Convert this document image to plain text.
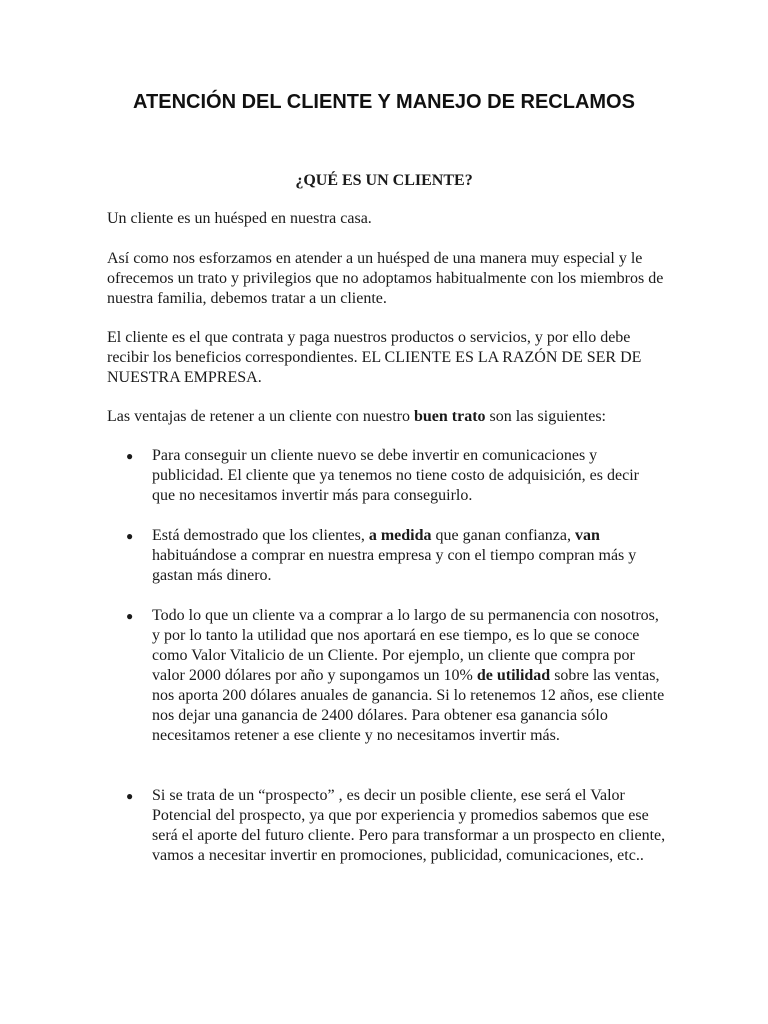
ATENCIÓN DEL CLIENTE Y MANEJO DE RECLAMOS
¿QUÉ ES UN CLIENTE?

Un cliente es un huésped en nuestra casa.

Así como nos esforzamos en atender a un huésped de una manera muy especial y le ofrecemos un trato y privilegios que no adoptamos habitualmente con los miembros de nuestra familia, debemos tratar a un cliente.

El cliente es el que contrata y paga nuestros productos o servicios, y por ello debe recibir los beneficios correspondientes. EL CLIENTE ES LA RAZÓN DE SER DE NUESTRA EMPRESA.

Las ventajas de retener a un cliente con nuestro buen trato son las siguientes:

● Para conseguir un cliente nuevo se debe invertir en comunicaciones y publicidad. El cliente que ya tenemos no tiene costo de adquisición, es decir que no necesitamos invertir más para conseguirlo.

● Está demostrado que los clientes, a medida que ganan confianza, van habituándose a comprar en nuestra empresa y con el tiempo compran más y gastan más dinero.

● Todo lo que un cliente va a comprar a lo largo de su permanencia con nosotros, y por lo tanto la utilidad que nos aportará en ese tiempo, es lo que se conoce como Valor Vitalicio de un Cliente. Por ejemplo, un cliente que compra por valor 2000 dólares por año y supongamos un 10% de utilidad sobre las ventas, nos aporta 200 dólares anuales de ganancia. Si lo retenemos 12 años, ese cliente nos dejar una ganancia de 2400 dólares. Para obtener esa ganancia sólo necesitamos retener a ese cliente y no necesitamos invertir más.

● Si se trata de un “prospecto” , es decir un posible cliente, ese será el Valor Potencial del prospecto, ya que por experiencia y promedios sabemos que ese será el aporte del futuro cliente. Pero para transformar a un prospecto en cliente, vamos a necesitar invertir en promociones, publicidad, comunicaciones, etc..
